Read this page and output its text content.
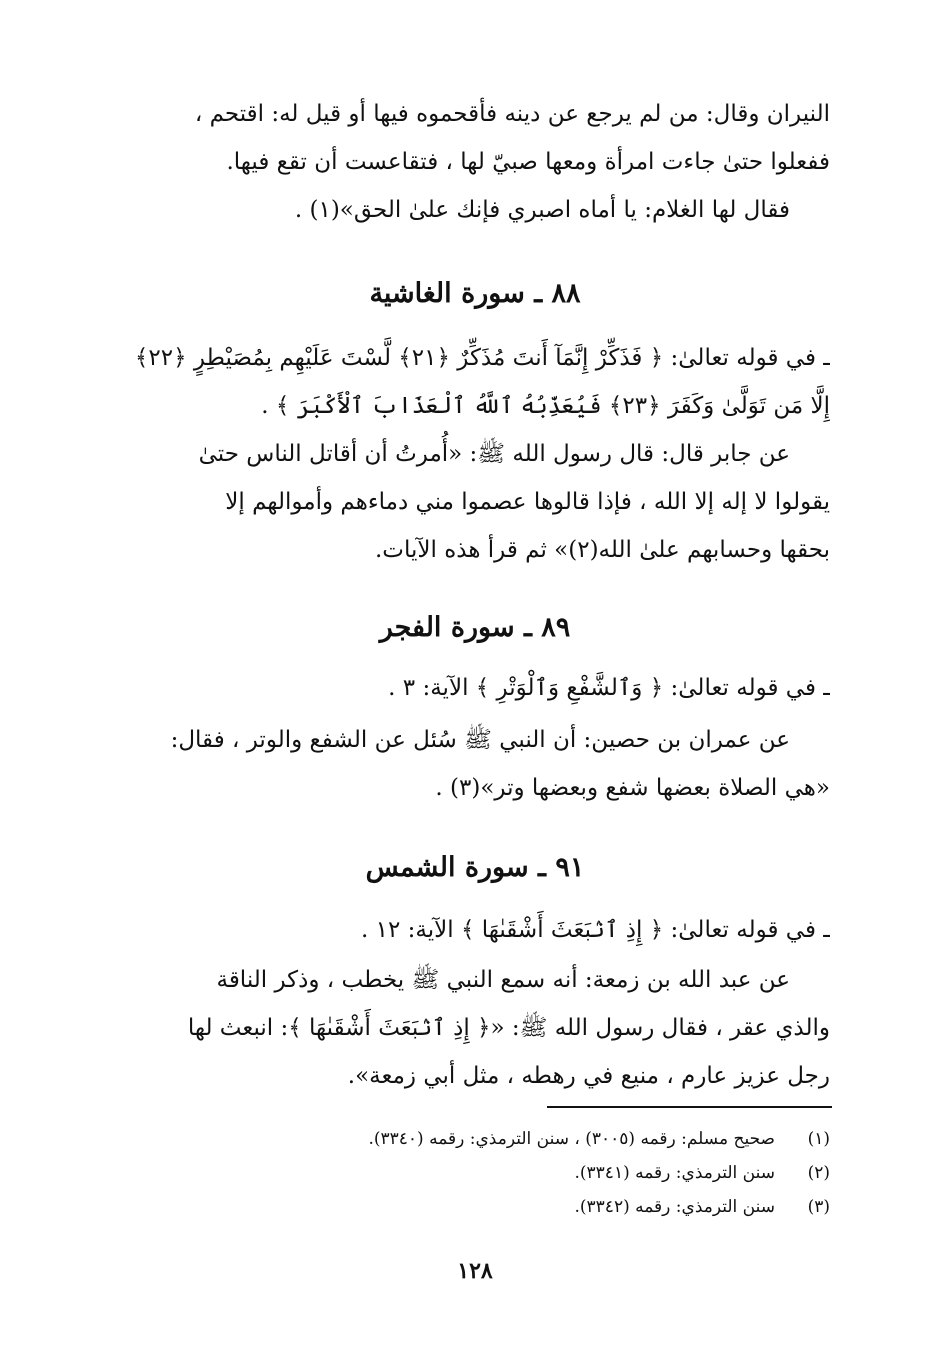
النيران وقال: من لم يرجع عن دينه فأقحموه فيها أو قيل له: اقتحم ،
ففعلوا حتىٰ جاءت امرأة ومعها صبيّ لها ، فتقاعست أن تقع فيها.
فقال لها الغلام: يا أماه اصبري فإنك علىٰ الحق»(١) .
٨٨ ـ سورة الغاشية
ـ في قوله تعالىٰ: ﴿ فَذَكِّرْ إِنَّمَآ أَنتَ مُذَكِّرٌ ﴿٢١﴾ لَّسْتَ عَلَيْهِم بِمُصَيْطِرٍ ﴿٢٢﴾
إِلَّا مَن تَوَلَّىٰ وَكَفَرَ ﴿٢٣﴾ فَيُعَذِّبُهُ ٱللَّهُ ٱلْعَذَابَ ٱلْأَكْبَرَ ﴾ .
عن جابر قال: قال رسول الله ﷺ: «أُمرتُ أن أقاتل الناس حتىٰ
يقولوا لا إله إلا الله ، فإذا قالوها عصموا مني دماءهم وأموالهم إلا
بحقها وحسابهم علىٰ الله(٢)» ثم قرأ هذه الآيات.
٨٩ ـ سورة الفجر
ـ في قوله تعالىٰ: ﴿ وَٱلشَّفْعِ وَٱلْوَتْرِ ﴾ الآية: ٣ .
عن عمران بن حصين: أن النبي ﷺ سُئل عن الشفع والوتر ، فقال:
«هي الصلاة بعضها شفع وبعضها وتر»(٣) .
٩١ ـ سورة الشمس
ـ في قوله تعالىٰ: ﴿ إِذِ ٱنۢبَعَثَ أَشْقَىٰهَا ﴾ الآية: ١٢ .
عن عبد الله بن زمعة: أنه سمع النبي ﷺ يخطب ، وذكر الناقة
والذي عقر ، فقال رسول الله ﷺ: «﴿ إِذِ ٱنۢبَعَثَ أَشْقَىٰهَا ﴾: انبعث لها
رجل عزيز عارم ، منيع في رهطه ، مثل أبي زمعة».
(١)
صحيح مسلم: رقمه (٣٠٠٥) ، سنن الترمذي: رقمه (٣٣٤٠).
(٢)
سنن الترمذي: رقمه (٣٣٤١).
(٣)
سنن الترمذي: رقمه (٣٣٤٢).
١٢٨
